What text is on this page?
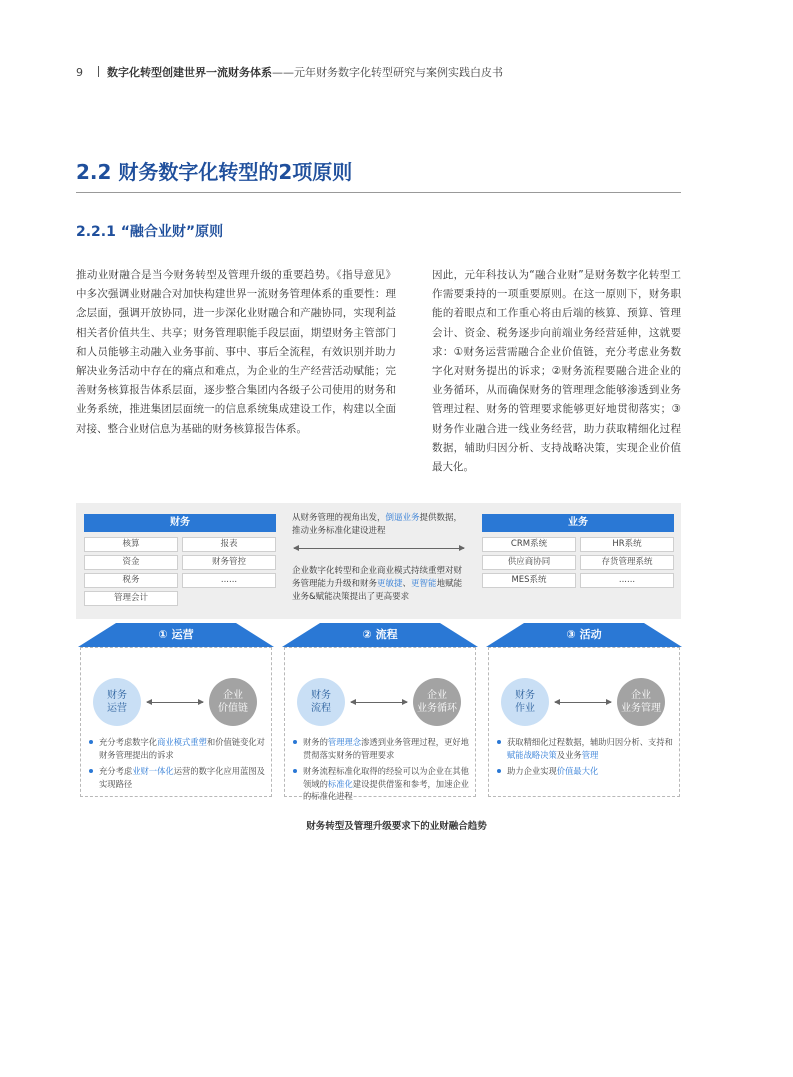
9 数字化转型创建世界一流财务体系——元年财务数字化转型研究与案例实践白皮书
2.2 财务数字化转型的2项原则
2.2.1 “融合业财”原则
推动业财融合是当今财务转型及管理升级的重要趋势。《指导意见》中多次强调业财融合对加快构建世界一流财务管理体系的重要性：理念层面，强调开放协同，进一步深化业财融合和产融协同，实现利益相关者价值共生、共享；财务管理职能手段层面，期望财务主管部门和人员能够主动融入业务事前、事中、事后全流程，有效识别并助力解决业务活动中存在的痛点和难点，为企业的生产经营活动赋能；完善财务核算报告体系层面，逐步整合集团内各级子公司使用的财务和业务系统，推进集团层面统一的信息系统集成建设工作，构建以全面对接、整合业财信息为基础的财务核算报告体系。
因此，元年科技认为“融合业财”是财务数字化转型工作需要秉持的一项重要原则。在这一原则下，财务职能的着眼点和工作重心将由后端的核算、预算、管理会计、资金、税务逐步向前端业务经营延伸，这就要求：①财务运营需融合企业价值链，充分考虑业务数字化对财务提出的诉求；②财务流程要融合进企业的业务循环，从而确保财务的管理理念能够渗透到业务管理过程、财务的管理要求能够更好地贯彻落实；③财务作业融合进一线业务经营，助力获取精细化过程数据，辅助归因分析、支持战略决策，实现企业价值最大化。
财务
核算	报表
资金	财务管控
税务	......
管理会计
从财务管理的视角出发，倒逼业务提供数据，推动业务标准化建设进程
企业数字化转型和企业商业模式持续重塑对财务管理能力升级和财务更敏捷、更智能地赋能业务&赋能决策提出了更高要求
业务
CRM系统	HR系统
供应商协同	存货管理系统
MES系统	......
① 运营
财务
运营
企业
价值链
充分考虑数字化商业模式重塑和价值链变化对财务管理提出的诉求
充分考虑业财一体化运营的数字化应用蓝图及实现路径
② 流程
财务
流程
企业
业务循环
财务的管理理念渗透到业务管理过程，更好地贯彻落实财务的管理要求
财务流程标准化取得的经验可以为企业在其他领域的标准化建设提供借鉴和参考，加速企业的标准化进程
③ 活动
财务
作业
企业
业务管理
获取精细化过程数据，辅助归因分析、支持和赋能战略决策及业务管理
助力企业实现价值最大化
财务转型及管理升级要求下的业财融合趋势
